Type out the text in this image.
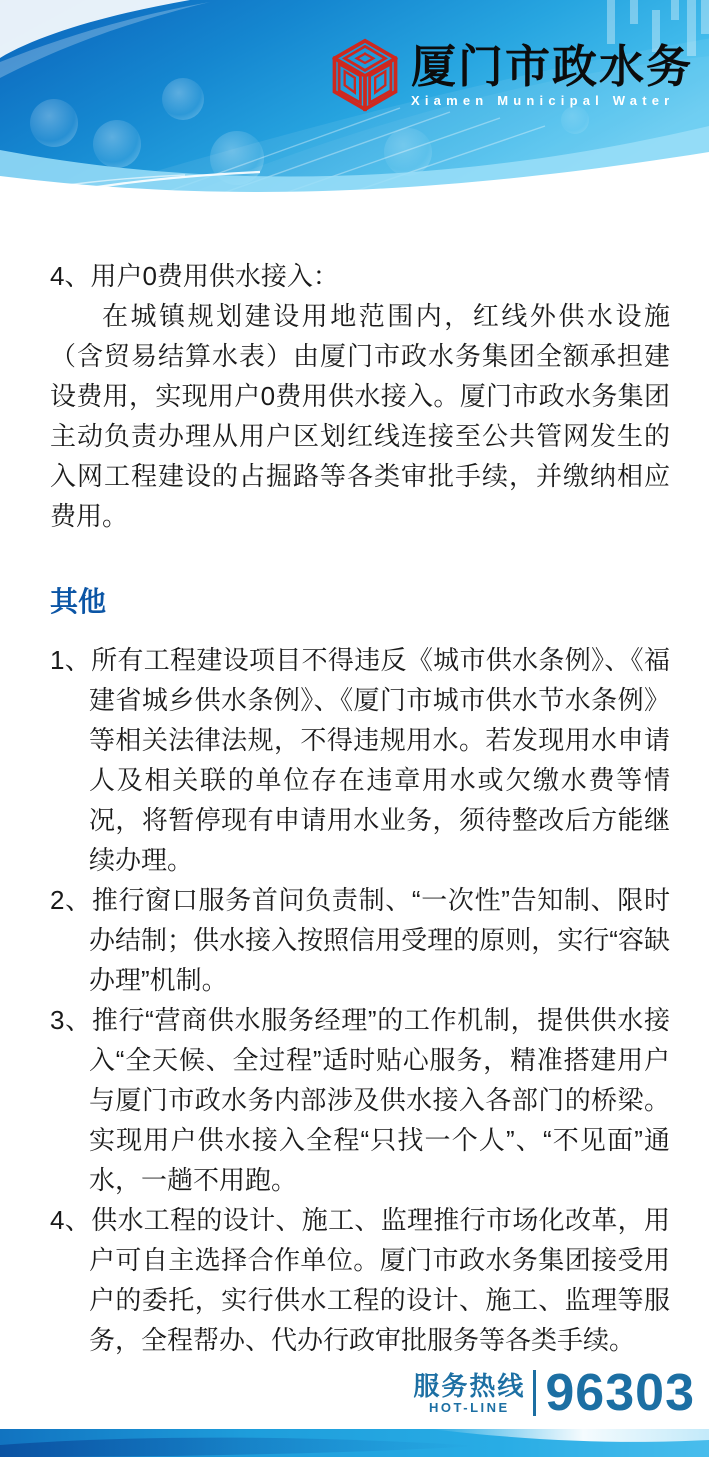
厦门市政水务
Xiamen Municipal Water
4、用户0费用供水接入：

在城镇规划建设用地范围内，红线外供水设施（含贸易结算水表）由厦门市政水务集团全额承担建设费用，实现用户0费用供水接入。厦门市政水务集团主动负责办理从用户区划红线连接至公共管网发生的入网工程建设的占掘路等各类审批手续，并缴纳相应费用。

其他
1、所有工程建设项目不得违反《城市供水条例》、《福建省城乡供水条例》、《厦门市城市供水节水条例》等相关法律法规，不得违规用水。若发现用水申请人及相关联的单位存在违章用水或欠缴水费等情况，将暂停现有申请用水业务，须待整改后方能继续办理。
2、推行窗口服务首问负责制、“一次性”告知制、限时办结制；供水接入按照信用受理的原则，实行“容缺办理”机制。
3、推行“营商供水服务经理”的工作机制，提供供水接入“全天候、全过程”适时贴心服务，精准搭建用户与厦门市政水务内部涉及供水接入各部门的桥梁。实现用户供水接入全程“只找一个人”、“不见面”通水，一趟不用跑。
4、供水工程的设计、施工、监理推行市场化改革，用户可自主选择合作单位。厦门市政水务集团接受用户的委托，实行供水工程的设计、施工、监理等服务，全程帮办、代办行政审批服务等各类手续。
服务热线
HOT-LINE 96303
